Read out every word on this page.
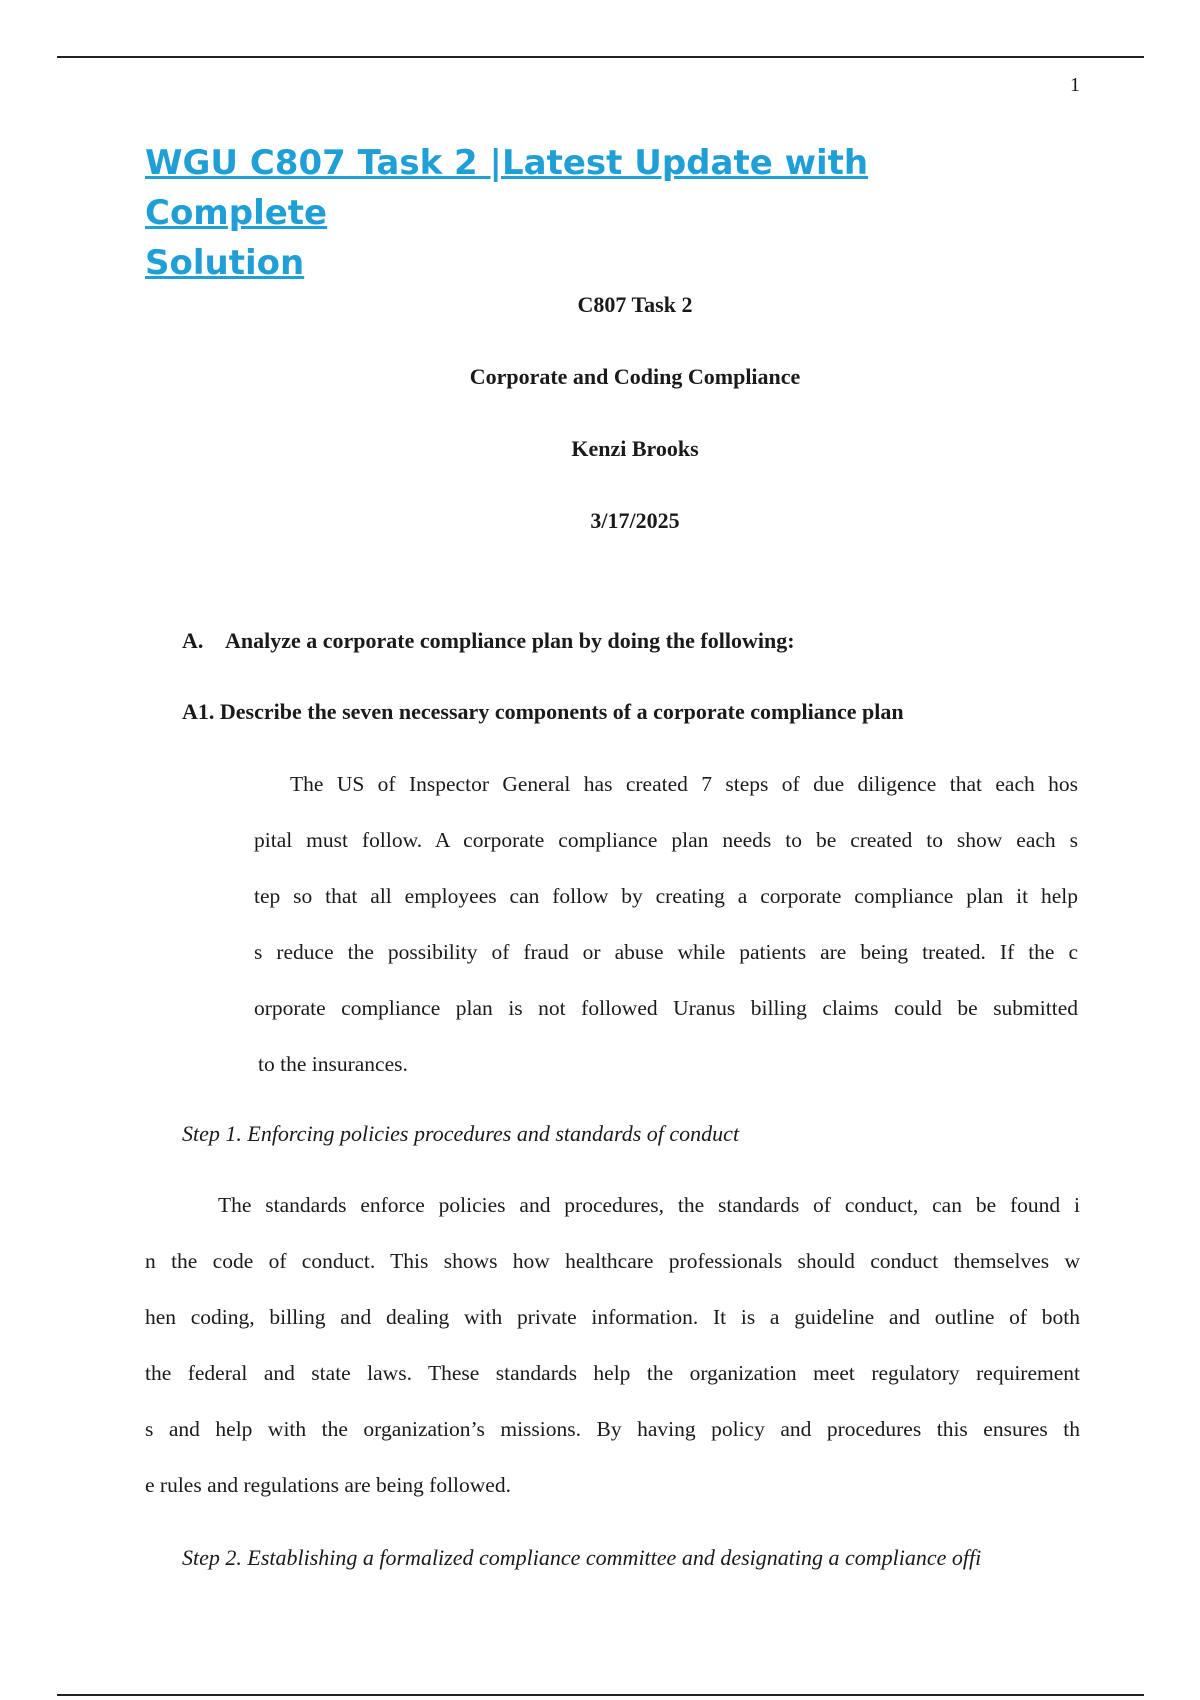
1
WGU C807 Task 2 |Latest Update with Complete
Solution

C807 Task 2

Corporate and Coding Compliance

Kenzi Brooks

3/17/2025

A. Analyze a corporate compliance plan by doing the following:

A1. Describe the seven necessary components of a corporate compliance plan

The US of Inspector General has created 7 steps of due diligence that each hos
pital must follow. A corporate compliance plan needs to be created to show each s
tep so that all employees can follow by creating a corporate compliance plan it help
s reduce the possibility of fraud or abuse while patients are being treated. If the c
orporate compliance plan is not followed Uranus billing claims could be submitted
to the insurances.

Step 1. Enforcing policies procedures and standards of conduct

The standards enforce policies and procedures, the standards of conduct, can be found i
n the code of conduct. This shows how healthcare professionals should conduct themselves w
hen coding, billing and dealing with private information. It is a guideline and outline of both
the federal and state laws. These standards help the organization meet regulatory requirement
s and help with the organization’s missions. By having policy and procedures this ensures th
e rules and regulations are being followed.

Step 2. Establishing a formalized compliance committee and designating a compliance offi
